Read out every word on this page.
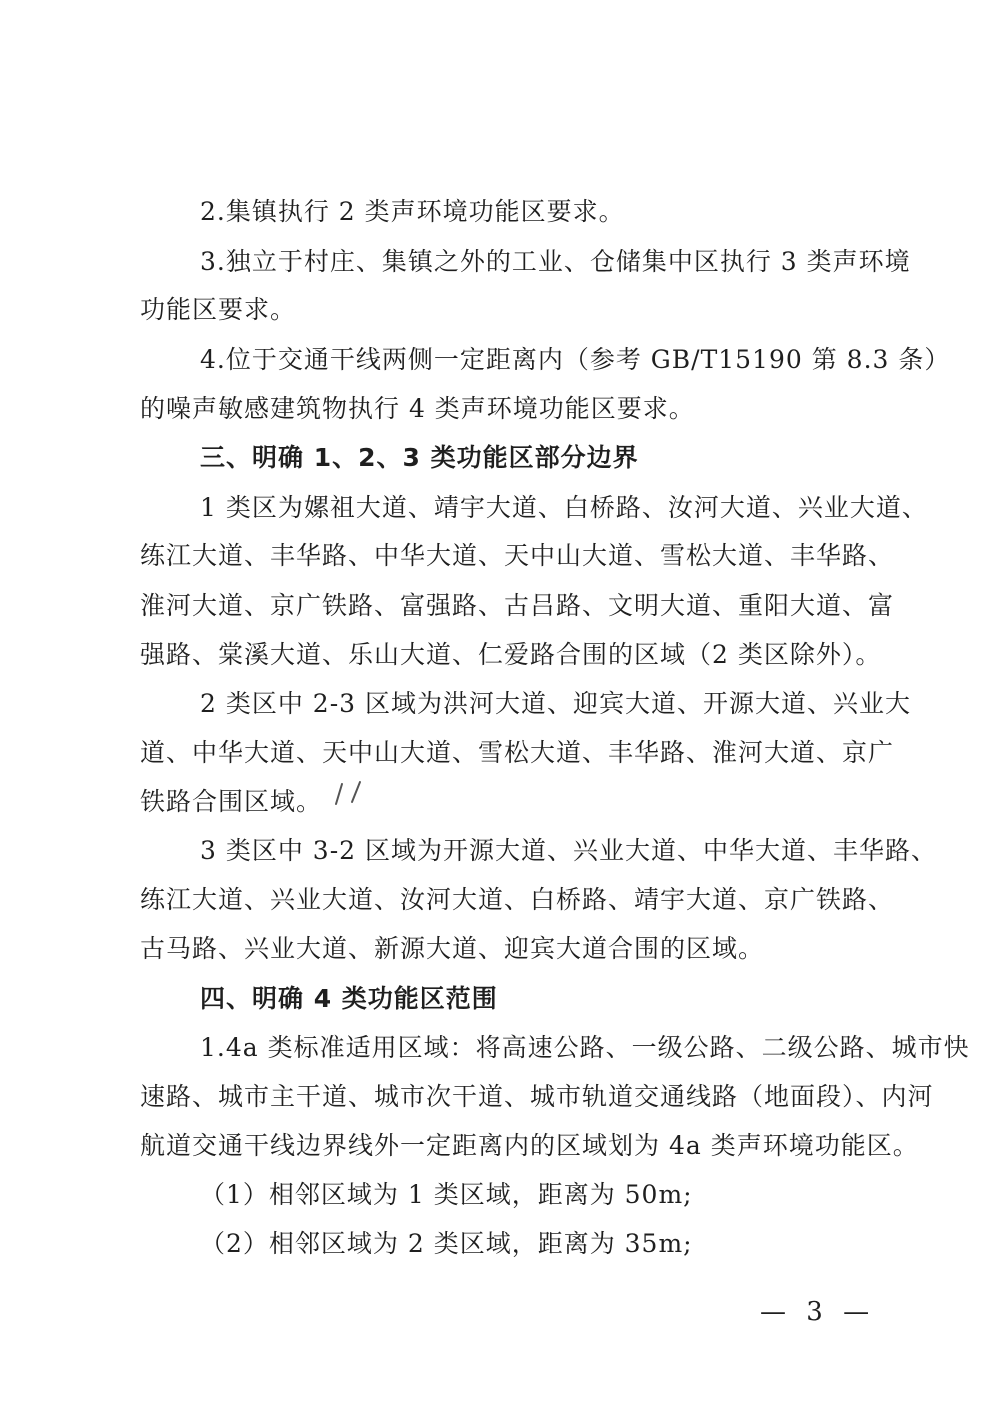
2.集镇执行 2 类声环境功能区要求。
3.独立于村庄、集镇之外的工业、仓储集中区执行 3 类声环境
功能区要求。
4.位于交通干线两侧一定距离内（参考 GB/T15190 第 8.3 条）
的噪声敏感建筑物执行 4 类声环境功能区要求。
三、明确 1、2、3 类功能区部分边界
1 类区为嫘祖大道、靖宇大道、白桥路、汝河大道、兴业大道、
练江大道、丰华路、中华大道、天中山大道、雪松大道、丰华路、
淮河大道、京广铁路、富强路、古吕路、文明大道、重阳大道、富
强路、棠溪大道、乐山大道、仁爱路合围的区域（2 类区除外）。
2 类区中 2-3 区域为洪河大道、迎宾大道、开源大道、兴业大
道、中华大道、天中山大道、雪松大道、丰华路、淮河大道、京广
铁路合围区域。
3 类区中 3-2 区域为开源大道、兴业大道、中华大道、丰华路、
练江大道、兴业大道、汝河大道、白桥路、靖宇大道、京广铁路、
古马路、兴业大道、新源大道、迎宾大道合围的区域。
四、明确 4 类功能区范围
1.4a 类标准适用区域：将高速公路、一级公路、二级公路、城市快
速路、城市主干道、城市次干道、城市轨道交通线路（地面段）、内河
航道交通干线边界线外一定距离内的区域划为 4a 类声环境功能区。
（1）相邻区域为 1 类区域，距离为 50m;
（2）相邻区域为 2 类区域，距离为 35m;
— 3 —
